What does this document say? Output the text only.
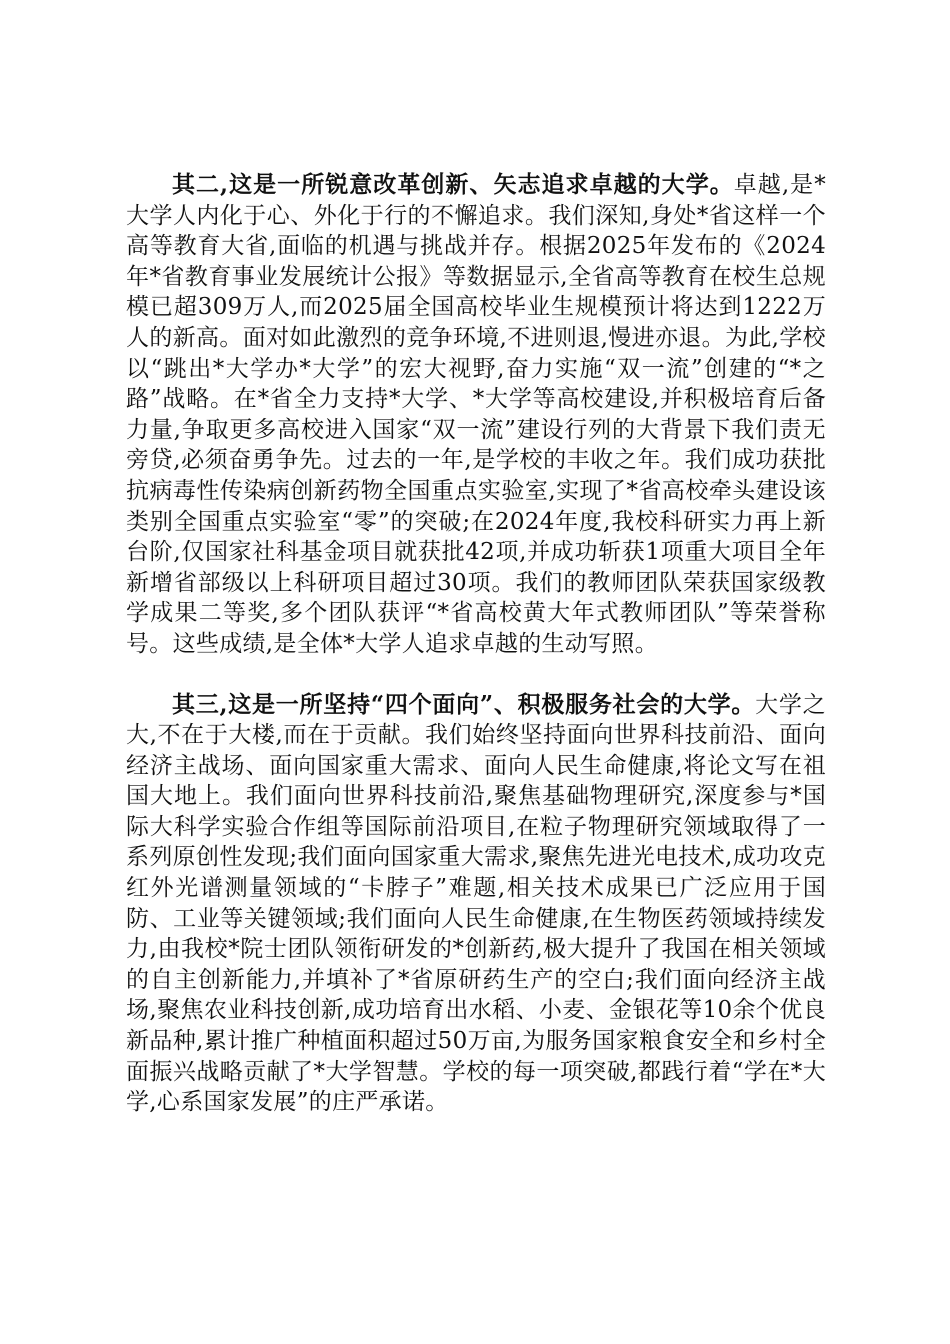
其二,这是一所锐意改革创新、矢志追求卓越的大学。卓越,是*大学人内化于心、外化于行的不懈追求。我们深知,身处*省这样一个高等教育大省,面临的机遇与挑战并存。根据2025年发布的《2024年*省教育事业发展统计公报》等数据显示,全省高等教育在校生总规模已超309万人,而2025届全国高校毕业生规模预计将达到1222万人的新高。面对如此激烈的竞争环境,不进则退,慢进亦退。为此,学校以“跳出*大学办*大学”的宏大视野,奋力实施“双一流”创建的“*之路”战略。在*省全力支持*大学、*大学等高校建设,并积极培育后备力量,争取更多高校进入国家“双一流”建设行列的大背景下我们责无旁贷,必须奋勇争先。过去的一年,是学校的丰收之年。我们成功获批抗病毒性传染病创新药物全国重点实验室,实现了*省高校牵头建设该类别全国重点实验室“零”的突破;在2024年度,我校科研实力再上新台阶,仅国家社科基金项目就获批42项,并成功斩获1项重大项目全年新增省部级以上科研项目超过30项。我们的教师团队荣获国家级教学成果二等奖,多个团队获评“*省高校黄大年式教师团队”等荣誉称号。这些成绩,是全体*大学人追求卓越的生动写照。

其三,这是一所坚持“四个面向”、积极服务社会的大学。大学之大,不在于大楼,而在于贡献。我们始终坚持面向世界科技前沿、面向经济主战场、面向国家重大需求、面向人民生命健康,将论文写在祖国大地上。我们面向世界科技前沿,聚焦基础物理研究,深度参与*国际大科学实验合作组等国际前沿项目,在粒子物理研究领域取得了一系列原创性发现;我们面向国家重大需求,聚焦先进光电技术,成功攻克红外光谱测量领域的“卡脖子”难题,相关技术成果已广泛应用于国防、工业等关键领域;我们面向人民生命健康,在生物医药领域持续发力,由我校*院士团队领衔研发的*创新药,极大提升了我国在相关领域的自主创新能力,并填补了*省原研药生产的空白;我们面向经济主战场,聚焦农业科技创新,成功培育出水稻、小麦、金银花等10余个优良新品种,累计推广种植面积超过50万亩,为服务国家粮食安全和乡村全面振兴战略贡献了*大学智慧。学校的每一项突破,都践行着“学在*大学,心系国家发展”的庄严承诺。
